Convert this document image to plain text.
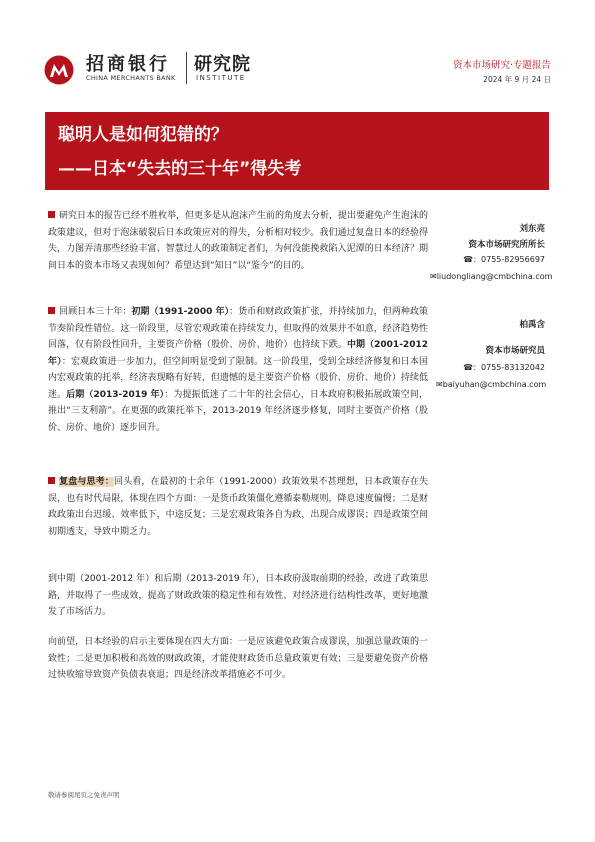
招商银行
CHINA MERCHANTS BANK
研究院
INSTITUTE
资本市场研究·专题报告
2024 年 9 月 24 日
聪明人是如何犯错的？
——日本“失去的三十年”得失考
研究日本的报告已经不胜枚举，但更多是从泡沫产生前的角度去分析，提出要避免产生泡沫的政策建议，但对于泡沫破裂后日本政策应对的得失，分析相对较少。我们通过复盘日本的经验得失，力图弄清那些经验丰富、智慧过人的政策制定者们，为何没能挽救陷入泥潭的日本经济？期间日本的资本市场又表现如何？希望达到“知日”以“鉴今”的目的。
回顾日本三十年：初期（1991-2000 年）：货币和财政政策扩张，并持续加力，但两种政策节奏阶段性错位。这一阶段里，尽管宏观政策在持续发力，但取得的效果并不如意，经济趋势性回落，仅有阶段性回升，主要资产价格（股价、房价、地价）也持续下跌。中期（2001-2012 年）：宏观政策进一步加力，但空间明显受到了限制。这一阶段里，受到全球经济修复和日本国内宏观政策的托举，经济表现略有好转，但遗憾的是主要资产价格（股价、房价、地价）持续低迷。后期（2013-2019 年）：为提振低迷了二十年的社会信心，日本政府积极拓展政策空间，推出“三支利箭”。在更强的政策托举下，2013-2019 年经济逐步修复，同时主要资产价格（股价、房价、地价）逐步回升。
复盘与思考：回头看，在最初的十余年（1991-2000）政策效果不甚理想，日本政策存在失误，也有时代局限，体现在四个方面：一是货币政策僵化遵循泰勒规则，降息速度偏慢；二是财政政策出台迟缓、效率低下，中途反复；三是宏观政策各自为政，出现合成谬误；四是政策空间初期透支，导致中期乏力。
到中期（2001-2012 年）和后期（2013-2019 年），日本政府汲取前期的经验，改进了政策思路，并取得了一些成效，提高了财政政策的稳定性和有效性、对经济进行结构性改革，更好地激发了市场活力。
向前望，日本经验的启示主要体现在四大方面：一是应该避免政策合成谬误，加强总量政策的一致性；二是更加积极和高效的财政政策，才能使财政货币总量政策更有效；三是要避免资产价格过快收缩导致资产负债表衰退；四是经济改革措施必不可少。
刘东亮
资本市场研究所所长
☎：0755-82956697
✉liudongliang@cmbchina.com
柏禹含
资本市场研究员
☎：0755-83132042
✉baiyuhan@cmbchina.com
敬请参阅尾页之免责声明
